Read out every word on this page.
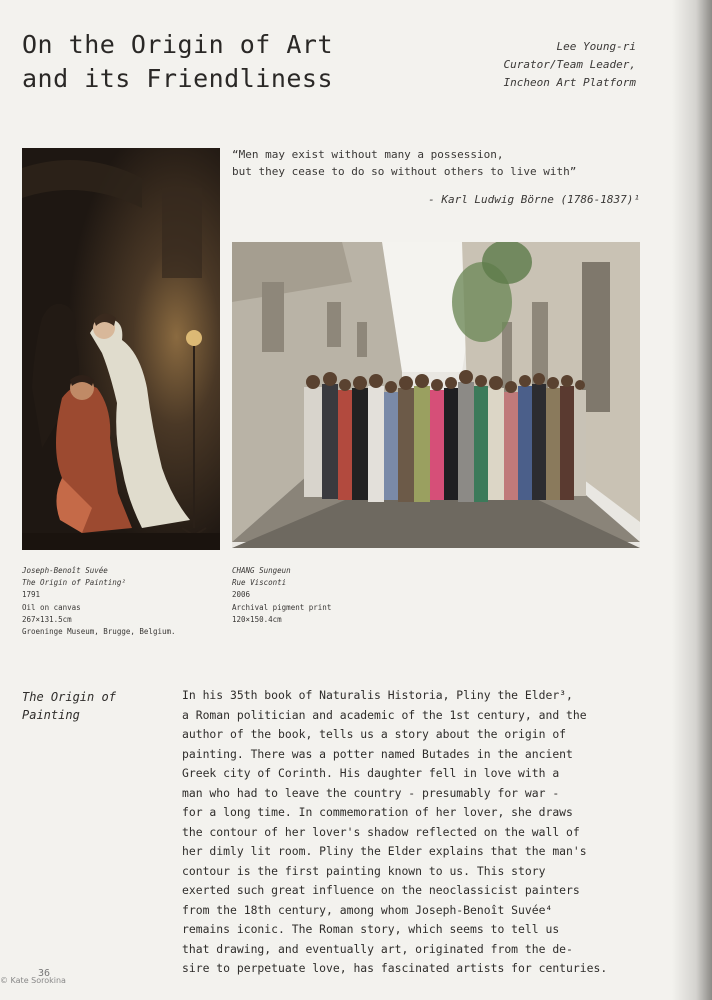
On the Origin of Art
and its Friendliness
Lee Young-ri
Curator/Team Leader,
Incheon Art Platform
“Men may exist without many a possession,
but they cease to do so without others to live with”
- Karl Ludwig Börne (1786-1837)¹
Joseph-Benoît Suvée
The Origin of Painting²
1791
Oil on canvas
267×131.5cm
Groeninge Museum, Brugge, Belgium.
CHANG Sungeun
Rue Visconti
2006
Archival pigment print
120×150.4cm
The Origin of
Painting
In his 35th book of Naturalis Historia, Pliny the Elder³,
a Roman politician and academic of the 1st century, and the
author of the book, tells us a story about the origin of
painting. There was a potter named Butades in the ancient
Greek city of Corinth. His daughter fell in love with a
man who had to leave the country - presumably for war -
for a long time. In commemoration of her lover, she draws
the contour of her lover's shadow reflected on the wall of
her dimly lit room. Pliny the Elder explains that the man's
contour is the first painting known to us. This story
exerted such great influence on the neoclassicist painters
from the 18th century, among whom Joseph-Benoît Suvée⁴
remains iconic. The Roman story, which seems to tell us
that drawing, and eventually art, originated from the de-
sire to perpetuate love, has fascinated artists for centuries.
36
© Kate Sorokina
